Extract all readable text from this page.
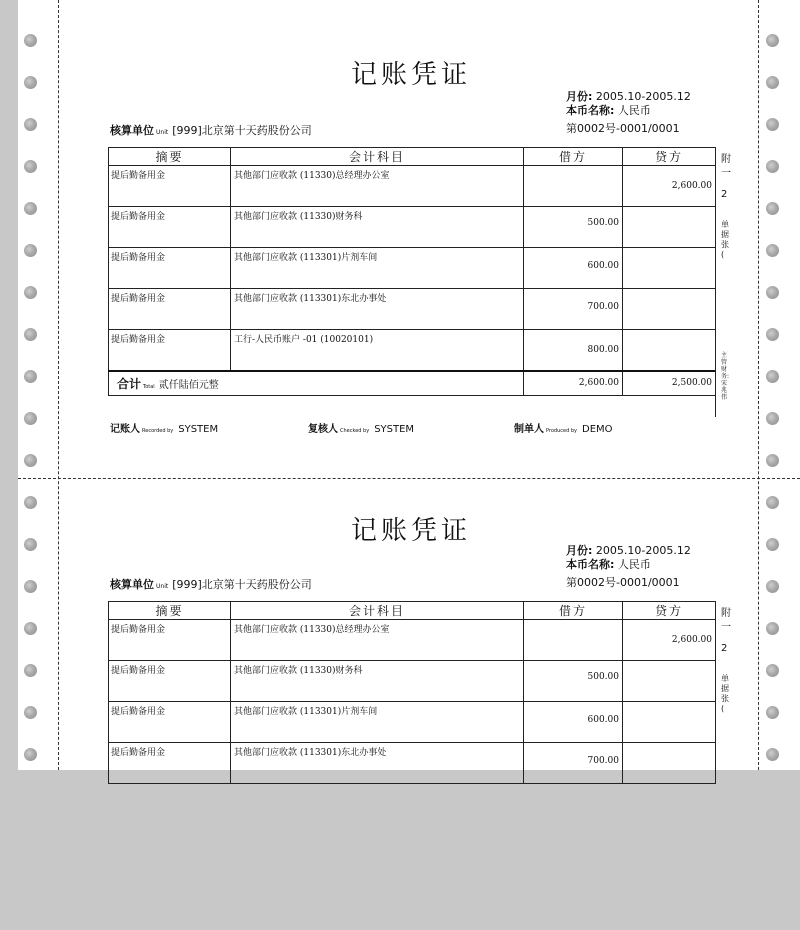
记账凭证
月份: 2005.10-2005.12
本币名称: 人民币
第0002号-0001/0001
核算单位 Unit [999]北京第十天药股份公司
摘要	会计科目	借方	贷方
提后勤备用金	其他部门应收款 (11330)总经理办公室		2,600.00
提后勤备用金	其他部门应收款 (11330)财务科	500.00	
提后勤备用金	其他部门应收款 (113301)片剂车间	600.00	
提后勤备用金	其他部门应收款 (113301)东北办事处	700.00	
提后勤备用金	工行-人民币账户 -01 (10020101)	800.00	
合计 Total 贰仟陆佰元整		2,600.00	2,500.00
附
一
2
单据张(
主管财务:宋兆伟
记账人 Recorded by SYSTEM	复核人 Checked by SYSTEM	制单人 Produced by DEMO
记账凭证
月份: 2005.10-2005.12
本币名称: 人民币
第0002号-0001/0001
核算单位 Unit [999]北京第十天药股份公司
摘要	会计科目	借方	贷方
提后勤备用金	其他部门应收款 (11330)总经理办公室		2,600.00
提后勤备用金	其他部门应收款 (11330)财务科	500.00	
提后勤备用金	其他部门应收款 (113301)片剂车间	600.00	
提后勤备用金	其他部门应收款 (113301)东北办事处	700.00	
附
一
2
单据张(
